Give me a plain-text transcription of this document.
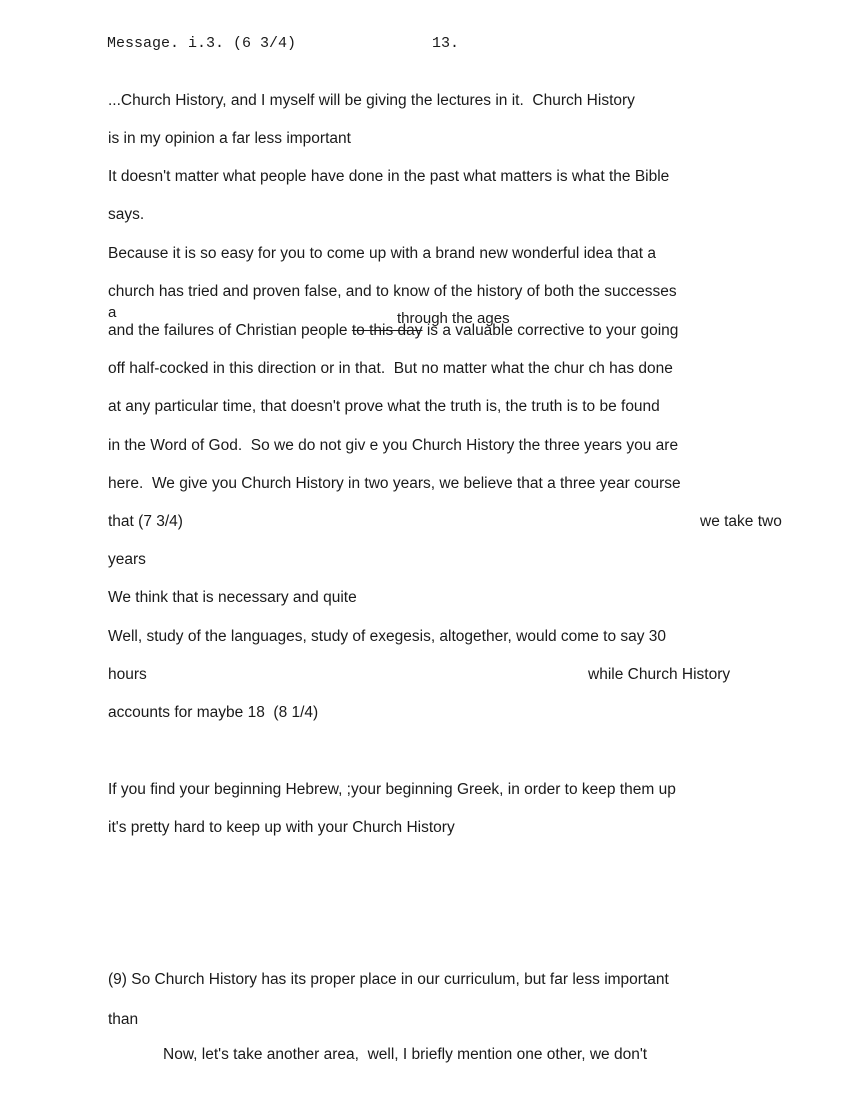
Message. i.3. (6 3/4)	13.
...Church History, and I myself will be giving the lectures in it.  Church History
is in my opinion a far less important
It doesn't matter what people have done in the past what matters is what the Bible
says.
Because it is so easy for you to come up with a brand new wonderful idea that a
church has tried and proven false, and to know of the history of both the successes
a	through the ages
and the failures of Christian people to this day is a valuable corrective to your going
off half-cocked in this direction or in that.  But no matter what the chur ch has done
at any particular time, that doesn't prove what the truth is, the truth is to be found
in the Word of God.  So we do not giv e you Church History the three years you are
here.  We give you Church History in two years, we believe that a three year course
that (7 3/4)	we take two
years
We think that is necessary and quite
Well, study of the languages, study of exegesis, altogether, would come to say 30
hours	while Church History
accounts for maybe 18  (8 1/4)
If you find your beginning Hebrew, ;your beginning Greek, in order to keep them up
it's pretty hard to keep up with your Church History
(9) So Church History has its proper place in our curriculum, but far less important
than
Now, let's take another area,  well, I briefly mention one other, we don't
